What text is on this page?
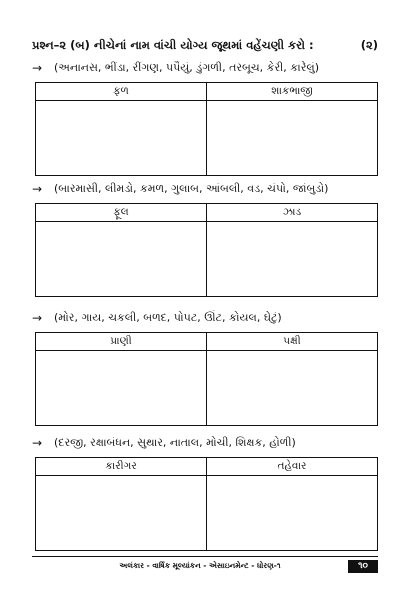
પ્રશ્ન–૨ (બ) નીચેનાં નામ વાંચી યોગ્ય જૂથમાં વહેંચણી કરો :	(૨)
→	(અનાનસ, ભીંડા, રીંગણ, પપૈયું, ડુંગળી, તરબૂચ, કેરી, કારેલું)
ફળ	શાકભાજી

→	(બારમાસી, લીમડો, કમળ, ગુલાબ, આંબલી, વડ, ચંપો, જાંબુડો)
ફૂલ	ઝાડ

→	(મોર, ગાય, ચકલી, બળદ, પોપટ, ઊંટ, કોયલ, ઘેટું)
પ્રાણી	પક્ષી

→	(દરજી, રક્ષાબંધન, સુથાર, નાતાલ, મોચી, શિક્ષક, હોળી)
કારીગર	તહેવાર

અલંકાર - વાર્ષિક મૂલ્યાંકન - એસાઇનમેન્ટ - ધોરણ-૧	૧૦
